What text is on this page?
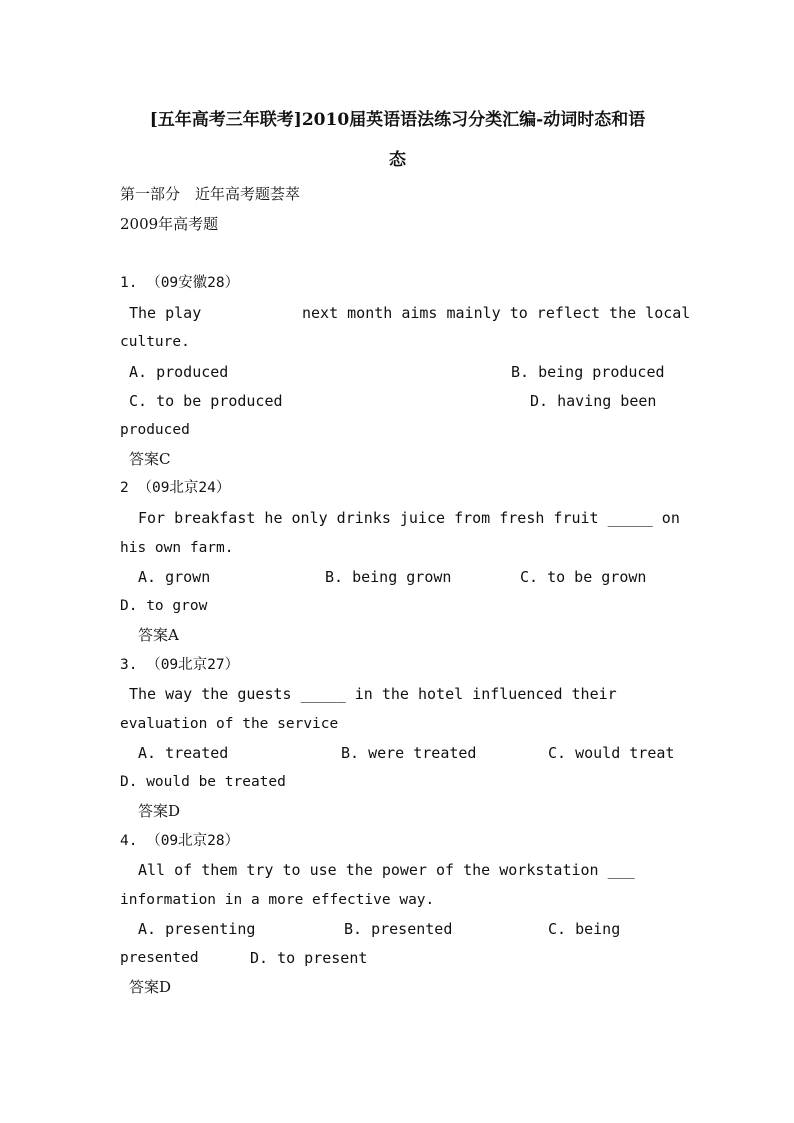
[五年高考三年联考]2010届英语语法练习分类汇编-动词时态和语
态
第一部分　近年高考题荟萃
2009年高考题
1. （09安徽28）
The play	next month aims mainly to reflect the local
culture.
A. produced	B. being produced
C. to be produced	D. having been
produced
答案C
2 （09北京24）
For breakfast he only drinks juice from fresh fruit _____ on
his own farm.
A. grown	B. being grown	C. to be grown
D. to grow
答案A
3. （09北京27）
The way the guests _____ in the hotel influenced their
evaluation of the service
A. treated	B. were treated	C. would treat
D. would be treated
答案D
4. （09北京28）
All of them try to use the power of the workstation ___
information in a more effective way.
A. presenting	B. presented	C. being
presented	D. to present
答案D
